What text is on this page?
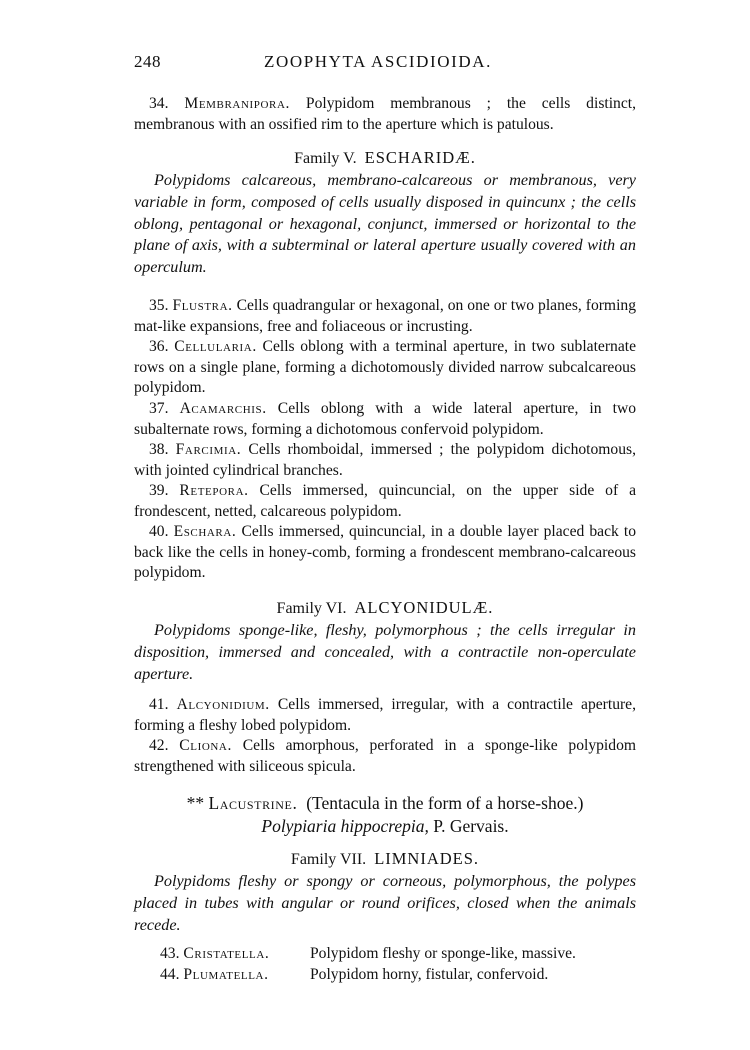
248	ZOOPHYTA ASCIDIOIDA.

34. Membranipora. Polypidom membranous ; the cells distinct, membranous with an ossified rim to the aperture which is patulous.

Family V. ESCHARIDÆ.

Polypidoms calcareous, membrano-calcareous or membranous, very variable in form, composed of cells usually disposed in quincunx ; the cells oblong, pentagonal or hexagonal, conjunct, immersed or horizontal to the plane of axis, with a subterminal or lateral aperture usually covered with an operculum.

35. Flustra. Cells quadrangular or hexagonal, on one or two planes, forming mat-like expansions, free and foliaceous or incrusting.

36. Cellularia. Cells oblong with a terminal aperture, in two sublaternate rows on a single plane, forming a dichotomously divided narrow subcalcareous polypidom.

37. Acamarchis. Cells oblong with a wide lateral aperture, in two subalternate rows, forming a dichotomous confervoid polypidom.

38. Farcimia. Cells rhomboidal, immersed ; the polypidom dichotomous, with jointed cylindrical branches.

39. Retepora. Cells immersed, quincuncial, on the upper side of a frondescent, netted, calcareous polypidom.

40. Eschara. Cells immersed, quincuncial, in a double layer placed back to back like the cells in honey-comb, forming a frondescent membrano-calcareous polypidom.

Family VI. ALCYONIDULÆ.

Polypidoms sponge-like, fleshy, polymorphous ; the cells irregular in disposition, immersed and concealed, with a contractile non-operculate aperture.

41. Alcyonidium. Cells immersed, irregular, with a contractile aperture, forming a fleshy lobed polypidom.

42. Cliona. Cells amorphous, perforated in a sponge-like polypidom strengthened with siliceous spicula.

** Lacustrine. (Tentacula in the form of a horse-shoe.)
Polypiaria hippocrepia, P. Gervais.
Family VII. LIMNIADES.

Polypidoms fleshy or spongy or corneous, polymorphous, the polypes placed in tubes with angular or round orifices, closed when the animals recede.

43. Cristatella.	Polypidom fleshy or sponge-like, massive.
44. Plumatella.	Polypidom horny, fistular, confervoid.
